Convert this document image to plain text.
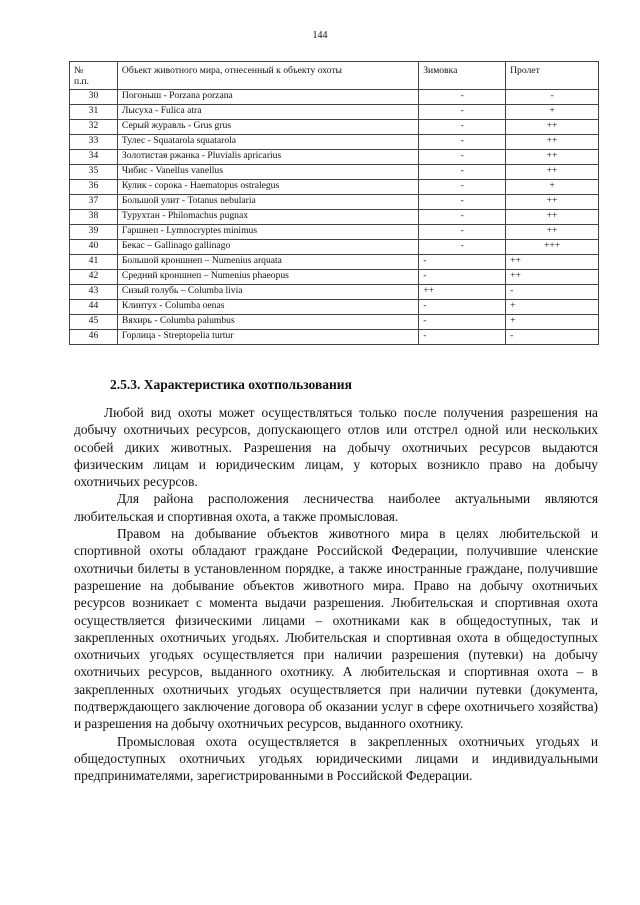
144
№
п.п.	Объект животного мира, отнесенный к объекту охоты	Зимовка	Пролет
30	Погоныш - Porzana porzana	-	-
31	Лысуха - Fulica atra	-	+
32	Серый журавль - Grus grus	-	++
33	Тулес - Squatarola squatarola	-	++
34	Золотистая ржанка - Pluvialis apricarius	-	++
35	Чибис - Vanellus vanellus	-	++
36	Кулик - сорока - Haematopus ostralegus	-	+
37	Большой улит - Totanus nebularia	-	++
38	Турухтан - Philomachus pugnax	-	++
39	Гаршнеп - Lymnocryptes minimus	-	++
40	Бекас – Gallinago gallinago	-	+++
41	Большой кроншнеп – Numenius arquata	-	++
42	Средний кроншнеп – Numenius phaeopus	-	++
43	Сизый голубь – Columba livia	++	-
44	Клинтух - Columba oenas	-	+
45	Вяхирь - Columba palumbus	-	+
46	Горлица - Streptopelia turtur	-	-
2.5.3. Характеристика охотпользования

Любой вид охоты может осуществляться только после получения разрешения на добычу охотничьих ресурсов, допускающего отлов или отстрел одной или нескольких особей диких животных. Разрешения на добычу охотничьих ресурсов выдаются физическим лицам и юридическим лицам, у которых возникло право на добычу охотничьих ресурсов.

Для района расположения лесничества наиболее актуальными являются любительская и спортивная охота, а также промысловая.

Правом на добывание объектов животного мира в целях любительской и спортивной охоты обладают граждане Российской Федерации, получившие членские охотничьи билеты в установленном порядке, а также иностранные граждане, получившие разрешение на добывание объектов животного мира. Право на добычу охотничьих ресурсов возникает с момента выдачи разрешения. Любительская и спортивная охота осуществляется физическими лицами – охотниками как в общедоступных, так и закрепленных охотничьих угодьях. Любительская и спортивная охота в общедоступных охотничьих угодьях осуществляется при наличии разрешения (путевки) на добычу охотничьих ресурсов, выданного охотнику. А любительская и спортивная охота – в закрепленных охотничьих угодьях осуществляется при наличии путевки (документа, подтверждающего заключение договора об оказании услуг в сфере охотничьего хозяйства) и разрешения на добычу охотничьих ресурсов, выданного охотнику.

Промысловая охота осуществляется в закрепленных охотничьих угодьях и общедоступных охотничьих угодьях юридическими лицами и индивидуальными предпринимателями, зарегистрированными в Российской Федерации.
